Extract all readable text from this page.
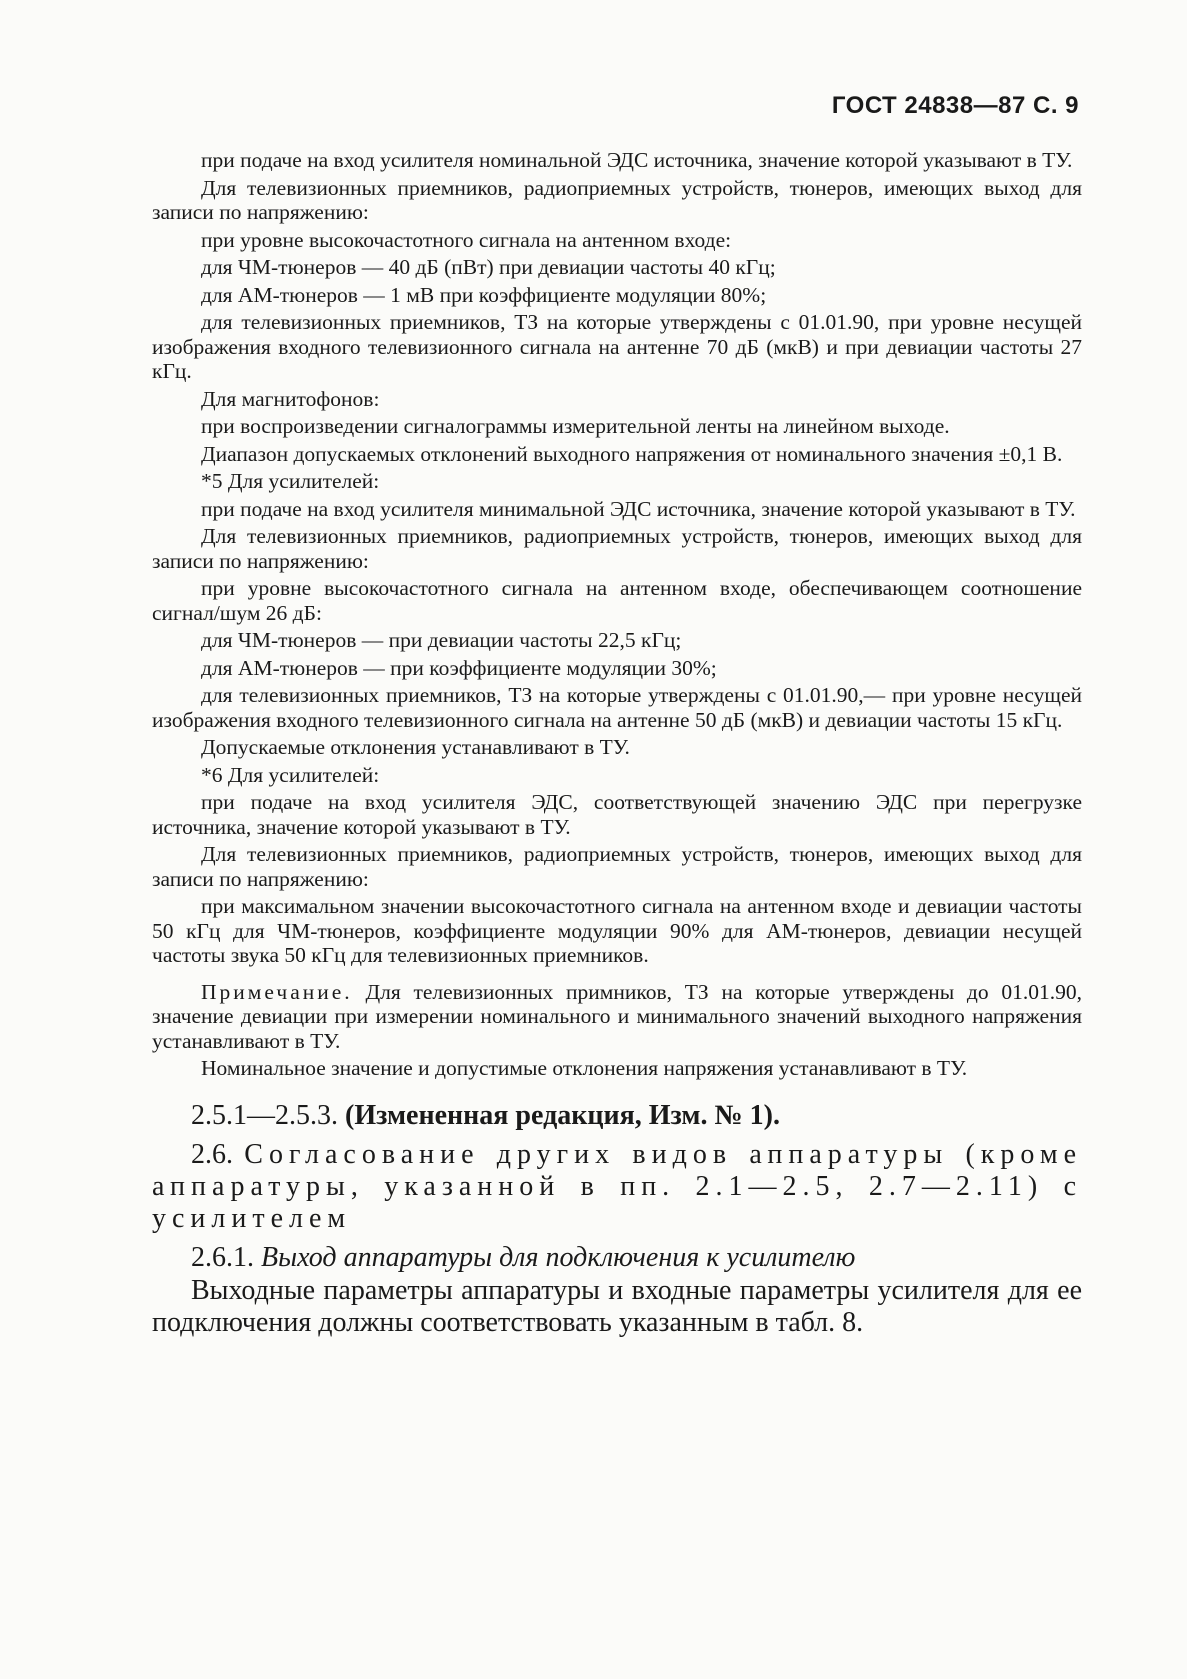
ГОСТ 24838—87 С. 9

при подаче на вход усилителя номинальной ЭДС источника, значение которой указывают в ТУ.

Для телевизионных приемников, радиоприемных устройств, тюнеров, имеющих выход для записи по напряжению:

при уровне высокочастотного сигнала на антенном входе:

для ЧМ-тюнеров — 40 дБ (пВт) при девиации частоты 40 кГц;

для АМ-тюнеров — 1 мВ при коэффициенте модуляции 80%;

для телевизионных приемников, ТЗ на которые утверждены с 01.01.90, при уровне несущей изображения входного телевизионного сигнала на антенне 70 дБ (мкВ) и при девиации частоты 27 кГц.

Для магнитофонов:

при воспроизведении сигналограммы измерительной ленты на линейном выходе.

Диапазон допускаемых отклонений выходного напряжения от номинального значения ±0,1 В.

*5 Для усилителей:

при подаче на вход усилителя минимальной ЭДС источника, значение которой указывают в ТУ.

Для телевизионных приемников, радиоприемных устройств, тюнеров, имеющих выход для записи по напряжению:

при уровне высокочастотного сигнала на антенном входе, обеспечивающем соотношение сигнал/шум 26 дБ:

для ЧМ-тюнеров — при девиации частоты 22,5 кГц;

для АМ-тюнеров — при коэффициенте модуляции 30%;

для телевизионных приемников, ТЗ на которые утверждены с 01.01.90,— при уровне несущей изображения входного телевизионного сигнала на антенне 50 дБ (мкВ) и девиации частоты 15 кГц.

Допускаемые отклонения устанавливают в ТУ.

*6 Для усилителей:

при подаче на вход усилителя ЭДС, соответствующей значению ЭДС при перегрузке источника, значение которой указывают в ТУ.

Для телевизионных приемников, радиоприемных устройств, тюнеров, имеющих выход для записи по напряжению:

при максимальном значении высокочастотного сигнала на антенном входе и девиации частоты 50 кГц для ЧМ-тюнеров, коэффициенте модуляции 90% для АМ-тюнеров, девиации несущей частоты звука 50 кГц для телевизионных приемников.

Примечание. Для телевизионных примников, ТЗ на которые утверждены до 01.01.90, значение девиации при измерении номинального и минимального значений выходного напряжения устанавливают в ТУ.

Номинальное значение и допустимые отклонения напряжения устанавливают в ТУ.

2.5.1—2.5.3. (Измененная редакция, Изм. № 1).

2.6. Согласование других видов аппаратуры (кроме аппаратуры, указанной в пп. 2.1—2.5, 2.7—2.11) с усилителем

2.6.1. Выход аппаратуры для подключения к усилителю

Выходные параметры аппаратуры и входные параметры усилителя для ее подключения должны соответствовать указанным в табл. 8.
